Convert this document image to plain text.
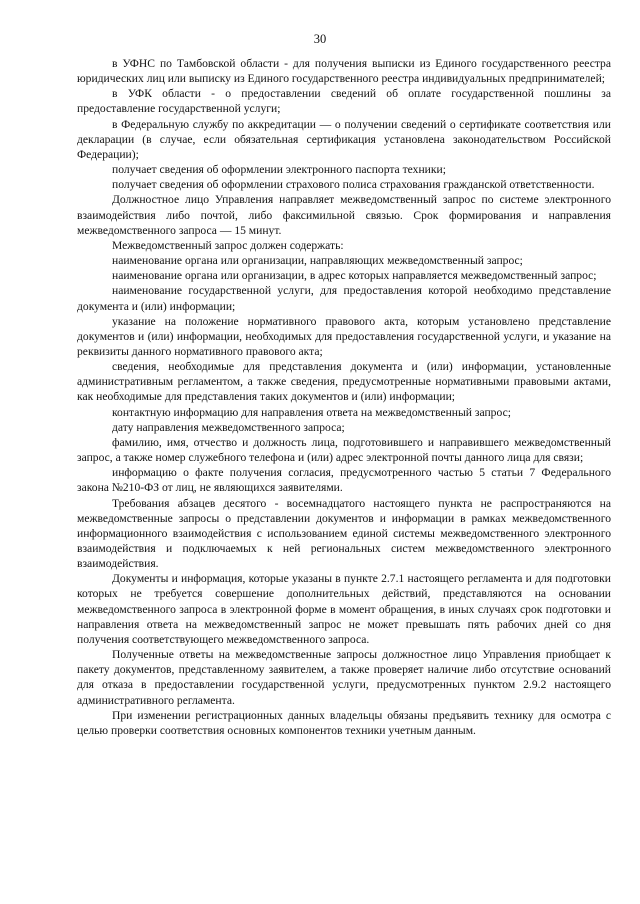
30

в УФНС по Тамбовской области - для получения выписки из Единого государственного реестра юридических лиц или выписку из Единого государственного реестра индивидуальных предпринимателей;

в УФК области - о предоставлении сведений об оплате государственной пошлины за предоставление государственной услуги;

в Федеральную службу по аккредитации — о получении сведений о сертификате соответствия или декларации (в случае, если обязательная сертификация установлена законодательством Российской Федерации);

получает сведения об оформлении электронного паспорта техники;

получает сведения об оформлении страхового полиса страхования гражданской ответственности.

Должностное лицо Управления направляет межведомственный запрос по системе электронного взаимодействия либо почтой, либо факсимильной связью. Срок формирования и направления межведомственного запроса — 15 минут.

Межведомственный запрос должен содержать:

наименование органа или организации, направляющих межведомственный запрос;

наименование органа или организации, в адрес которых направляется межведомственный запрос;

наименование государственной услуги, для предоставления которой необходимо представление документа и (или) информации;

указание на положение нормативного правового акта, которым установлено представление документов и (или) информации, необходимых для предоставления государственной услуги, и указание на реквизиты данного нормативного правового акта;

сведения, необходимые для представления документа и (или) информации, установленные административным регламентом, а также сведения, предусмотренные нормативными правовыми актами, как необходимые для представления таких документов и (или) информации;

контактную информацию для направления ответа на межведомственный запрос;

дату направления межведомственного запроса;

фамилию, имя, отчество и должность лица, подготовившего и направившего межведомственный запрос, а также номер служебного телефона и (или) адрес электронной почты данного лица для связи;

информацию о факте получения согласия, предусмотренного частью 5 статьи 7 Федерального закона №210-ФЗ от лиц, не являющихся заявителями.

Требования абзацев десятого - восемнадцатого настоящего пункта не распространяются на межведомственные запросы о представлении документов и информации в рамках межведомственного информационного взаимодействия с использованием единой системы межведомственного электронного взаимодействия и подключаемых к ней региональных систем межведомственного электронного взаимодействия.

Документы и информация, которые указаны в пункте 2.7.1 настоящего регламента и для подготовки которых не требуется совершение дополнительных действий, представляются на основании межведомственного запроса в электронной форме в момент обращения, в иных случаях срок подготовки и направления ответа на межведомственный запрос не может превышать пять рабочих дней со дня получения соответствующего межведомственного запроса.

Полученные ответы на межведомственные запросы должностное лицо Управления приобщает к пакету документов, представленному заявителем, а также проверяет наличие либо отсутствие оснований для отказа в предоставлении государственной услуги, предусмотренных пунктом 2.9.2 настоящего административного регламента.

При изменении регистрационных данных владельцы обязаны предъявить технику для осмотра с целью проверки соответствия основных компонентов техники учетным данным.
